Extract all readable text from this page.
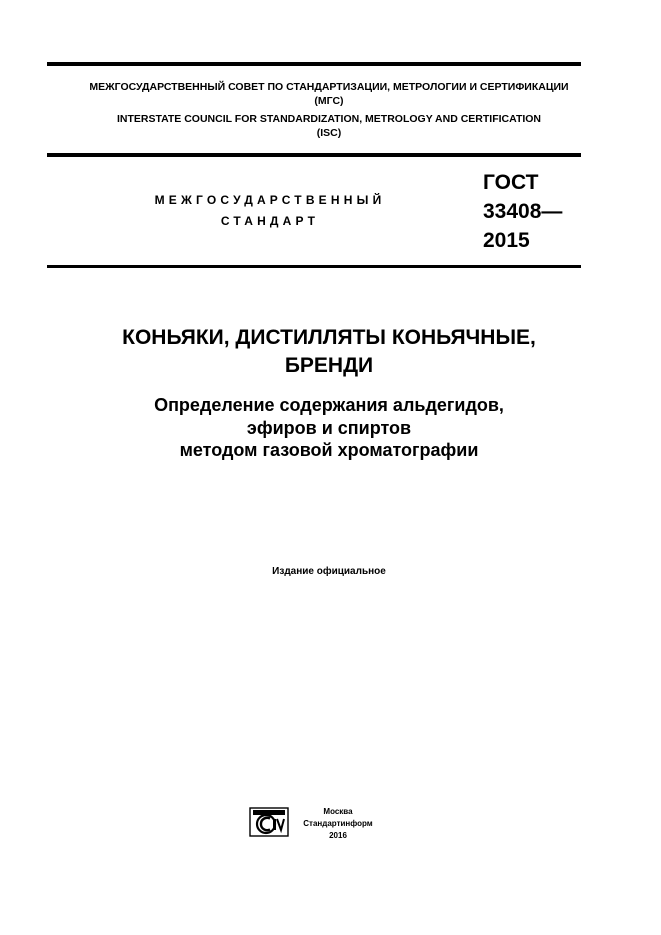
МЕЖГОСУДАРСТВЕННЫЙ СОВЕТ ПО СТАНДАРТИЗАЦИИ, МЕТРОЛОГИИ И СЕРТИФИКАЦИИ
(МГС)
INTERSTATE COUNCIL FOR STANDARDIZATION, METROLOGY AND CERTIFICATION
(ISC)
МЕЖГОСУДАРСТВЕННЫЙ
СТАНДАРТ
ГОСТ
33408—
2015
КОНЬЯКИ, ДИСТИЛЛЯТЫ КОНЬЯЧНЫЕ,
БРЕНДИ
Определение содержания альдегидов,
эфиров и спиртов
методом газовой хроматографии
Издание официальное
Москва
Стандартинформ
2016
